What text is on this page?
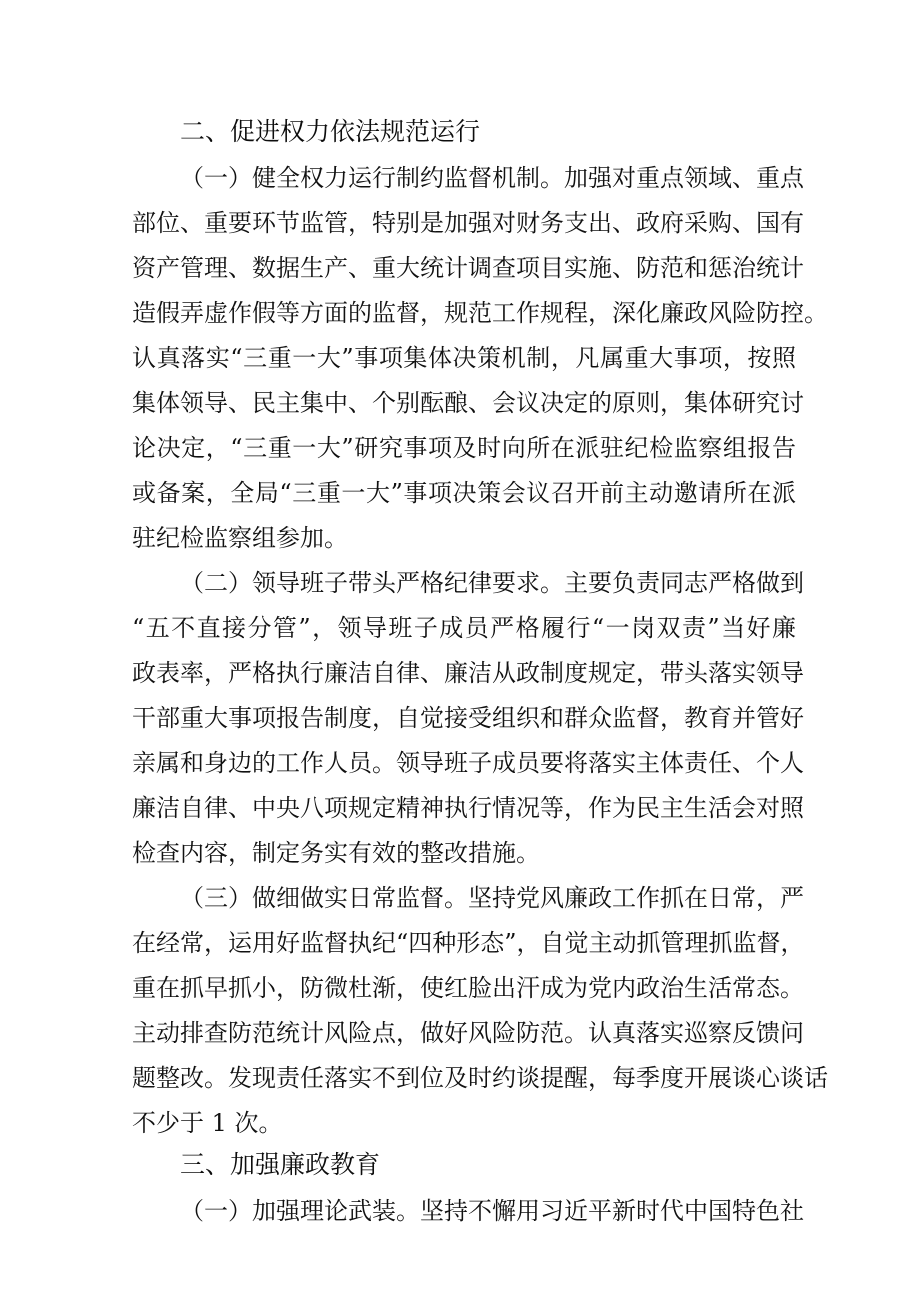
二、促进权力依法规范运行
（一）健全权力运行制约监督机制。加强对重点领域、重点
部位、重要环节监管，特别是加强对财务支出、政府采购、国有
资产管理、数据生产、重大统计调查项目实施、防范和惩治统计
造假弄虚作假等方面的监督，规范工作规程，深化廉政风险防控。
认真落实“三重一大”事项集体决策机制，凡属重大事项，按照
集体领导、民主集中、个别酝酿、会议决定的原则，集体研究讨
论决定，“三重一大”研究事项及时向所在派驻纪检监察组报告
或备案，全局“三重一大”事项决策会议召开前主动邀请所在派
驻纪检监察组参加。
（二）领导班子带头严格纪律要求。主要负责同志严格做到
“五不直接分管”，领导班子成员严格履行“一岗双责”当好廉
政表率，严格执行廉洁自律、廉洁从政制度规定，带头落实领导
干部重大事项报告制度，自觉接受组织和群众监督，教育并管好
亲属和身边的工作人员。领导班子成员要将落实主体责任、个人
廉洁自律、中央八项规定精神执行情况等，作为民主生活会对照
检查内容，制定务实有效的整改措施。
（三）做细做实日常监督。坚持党风廉政工作抓在日常，严
在经常，运用好监督执纪“四种形态”，自觉主动抓管理抓监督，
重在抓早抓小，防微杜渐，使红脸出汗成为党内政治生活常态。
主动排查防范统计风险点，做好风险防范。认真落实巡察反馈问
题整改。发现责任落实不到位及时约谈提醒，每季度开展谈心谈话
不少于 1 次。
三、加强廉政教育
（一）加强理论武装。坚持不懈用习近平新时代中国特色社
